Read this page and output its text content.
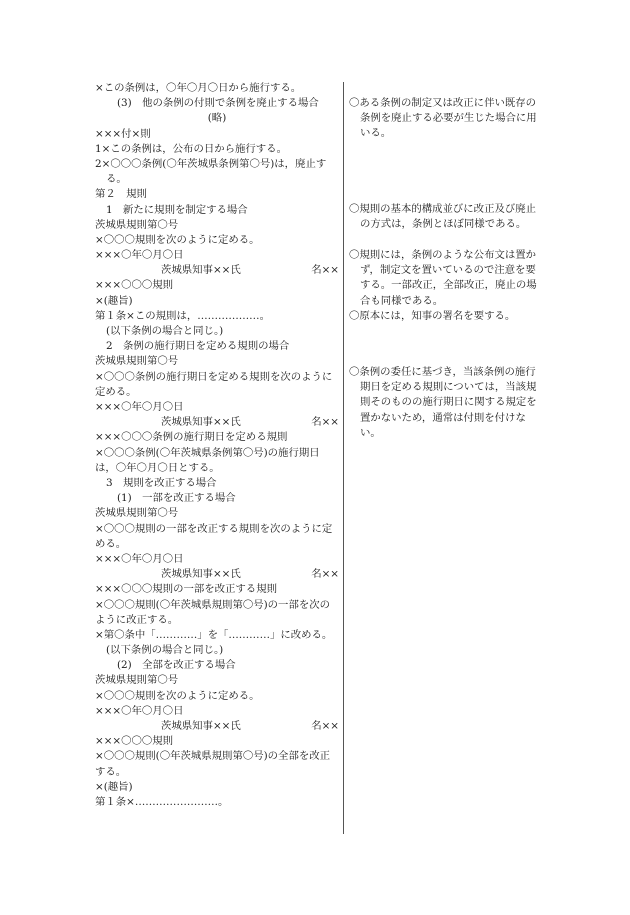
×この条例は，〇年〇月〇日から施行する。
(3)　他の条例の付則で条例を廃止する場合
(略)
×××付×則
1×この条例は，公布の日から施行する。
2×〇〇〇条例(〇年茨城県条例第〇号)は，廃止する。
第２　規則
1　新たに規則を制定する場合
茨城県規則第〇号
×〇〇〇規則を次のように定める。
×××〇年〇月〇日
茨城県知事××氏	名××
×××〇〇〇規則
×(趣旨)
第１条×この規則は，………………。
(以下条例の場合と同じ。)
2　条例の施行期日を定める規則の場合
茨城県規則第〇号
×〇〇〇条例の施行期日を定める規則を次のように定める。
×××〇年〇月〇日
茨城県知事××氏	名××
×××〇〇〇条例の施行期日を定める規則
×〇〇〇条例(〇年茨城県条例第〇号)の施行期日は，〇年〇月〇日とする。
3　規則を改正する場合
(1)　一部を改正する場合
茨城県規則第〇号
×〇〇〇規則の一部を改正する規則を次のように定める。
×××〇年〇月〇日
茨城県知事××氏	名××
×××〇〇〇規則の一部を改正する規則
×〇〇〇規則(〇年茨城県規則第〇号)の一部を次のように改正する。
×第〇条中「…………」を「…………」に改める。
(以下条例の場合と同じ。)
(2)　全部を改正する場合
茨城県規則第〇号
×〇〇〇規則を次のように定める。
×××〇年〇月〇日
茨城県知事××氏	名××
×××〇〇〇規則
×〇〇〇規則(〇年茨城県規則第〇号)の全部を改正する。
×(趣旨)
第１条×……………………。

〇ある条例の制定又は改正に伴い既存の条例を廃止する必要が生じた場合に用いる。

〇規則の基本的構成並びに改正及び廃止の方式は，条例とほぼ同様である。

〇規則には，条例のような公布文は置かず，制定文を置いているので注意を要する。一部改正，全部改正，廃止の場合も同様である。

〇原本には，知事の署名を要する。

〇条例の委任に基づき，当該条例の施行期日を定める規則については，当該規則そのものの施行期日に関する規定を置かないため，通常は付則を付けない。
